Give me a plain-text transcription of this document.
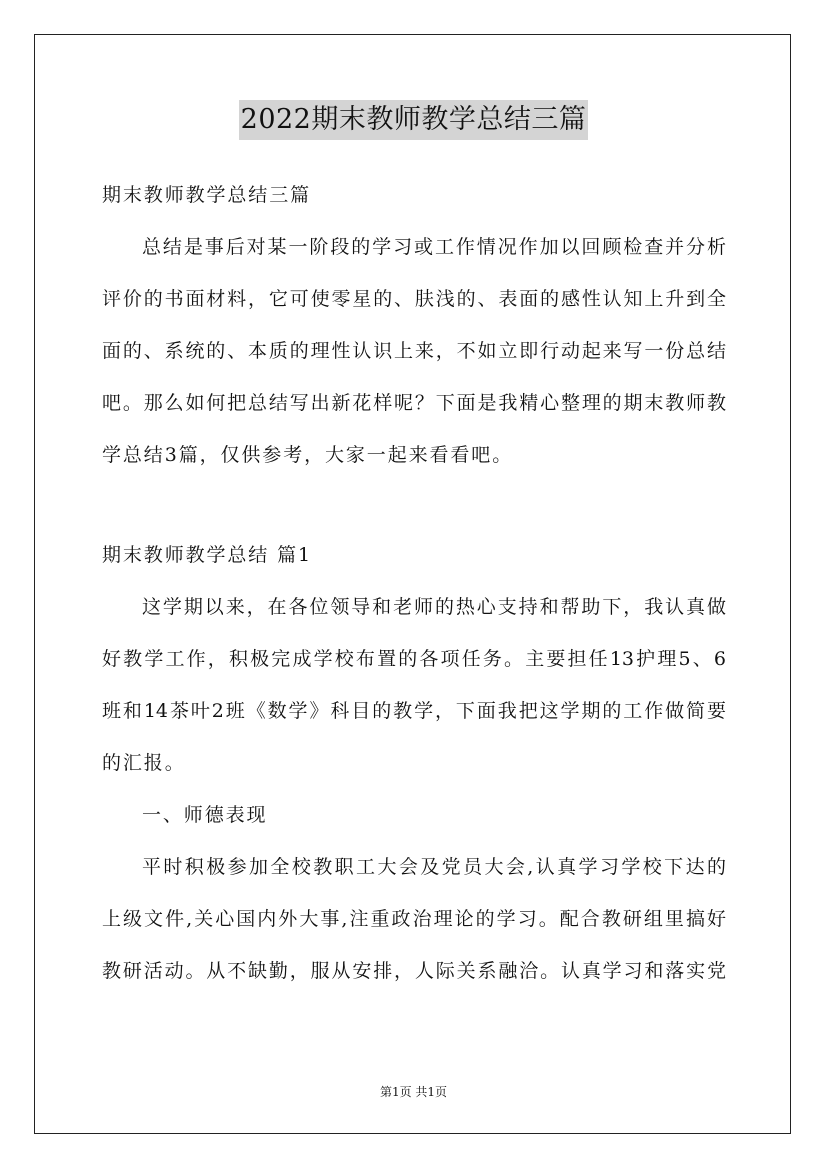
2022期末教师教学总结三篇
期末教师教学总结三篇
总结是事后对某一阶段的学习或工作情况作加以回顾检查并分析
评价的书面材料，它可使零星的、肤浅的、表面的感性认知上升到全
面的、系统的、本质的理性认识上来，不如立即行动起来写一份总结
吧。那么如何把总结写出新花样呢？下面是我精心整理的期末教师教
学总结3篇，仅供参考，大家一起来看看吧。
期末教师教学总结 篇1
这学期以来，在各位领导和老师的热心支持和帮助下，我认真做
好教学工作，积极完成学校布置的各项任务。主要担任13护理5、6
班和14茶叶2班《数学》科目的教学，下面我把这学期的工作做简要
的汇报。
一、师德表现
平时积极参加全校教职工大会及党员大会,认真学习学校下达的
上级文件,关心国内外大事,注重政治理论的学习。配合教研组里搞好
教研活动。从不缺勤，服从安排，人际关系融洽。认真学习和落实党
第1页 共1页
